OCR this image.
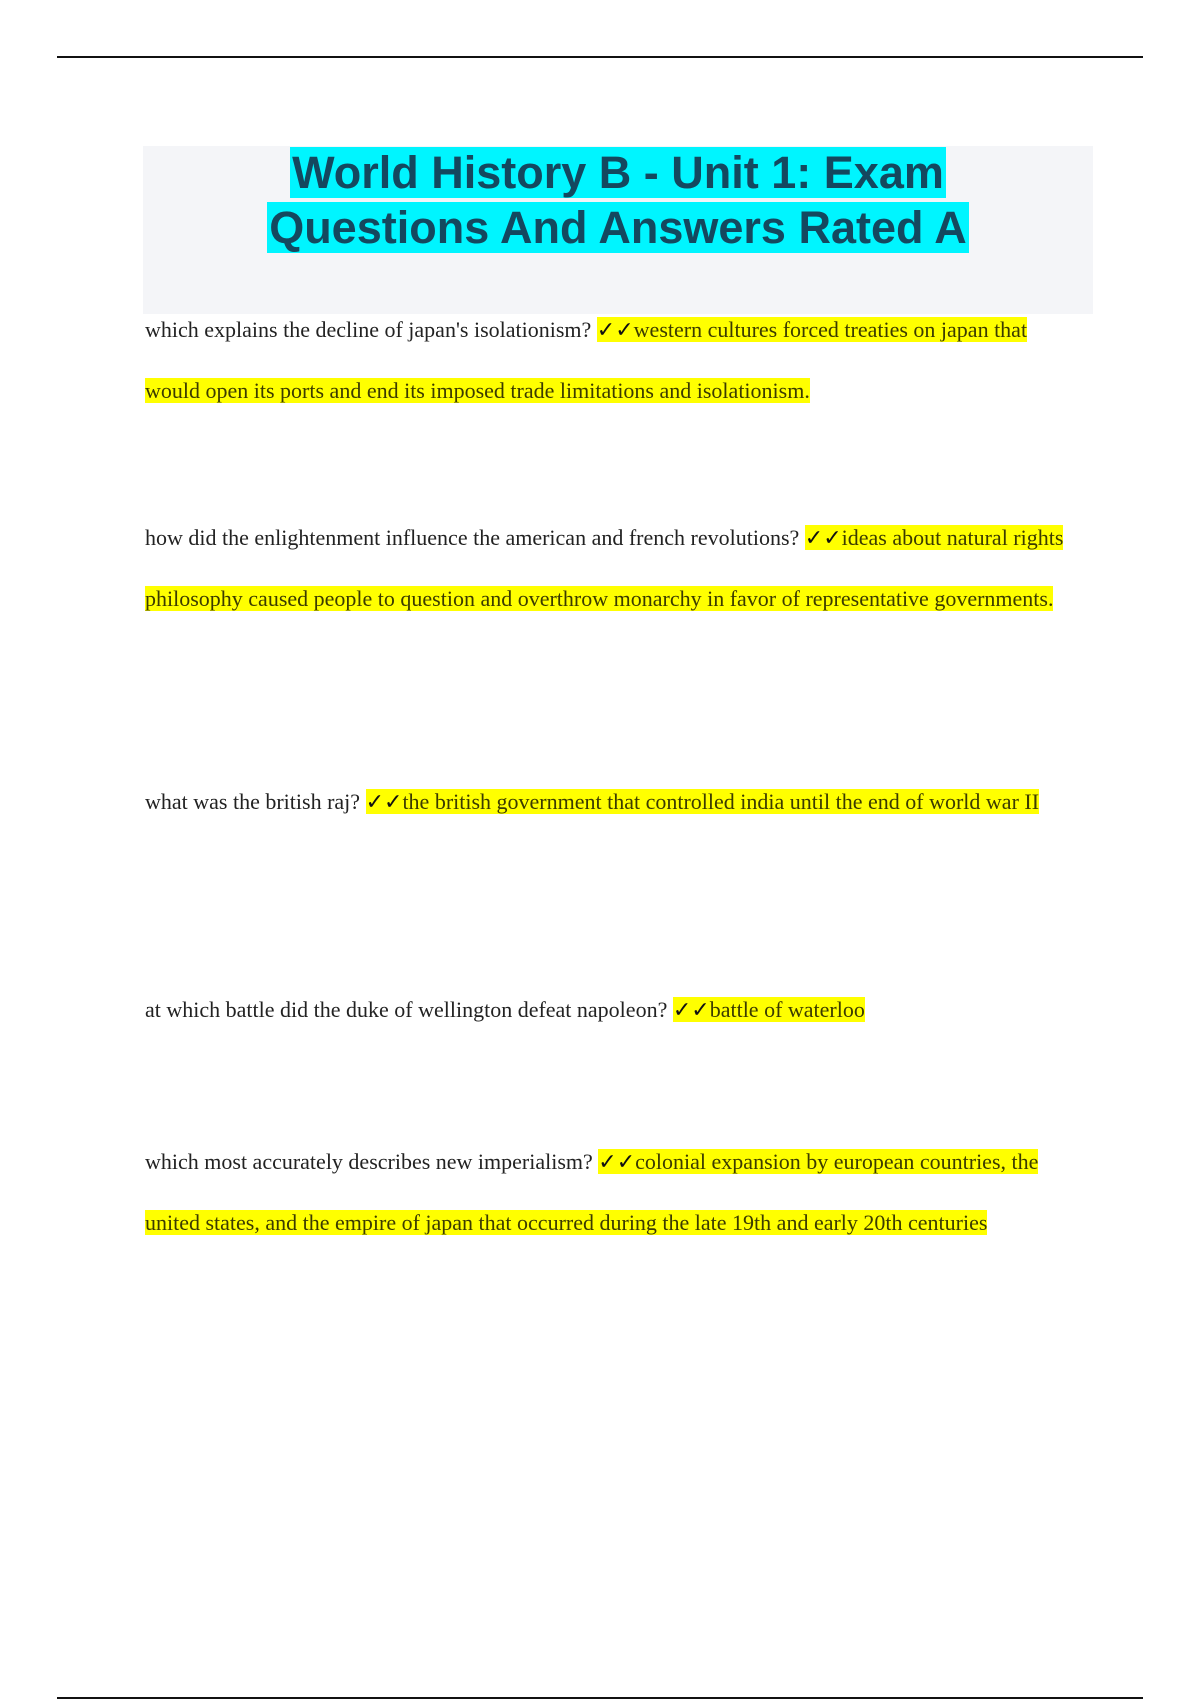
World History B - Unit 1: Exam
Questions And Answers Rated A

which explains the decline of japan's isolationism? ✓✓western cultures forced treaties on japan that would open its ports and end its imposed trade limitations and isolationism.

how did the enlightenment influence the american and french revolutions? ✓✓ideas about natural rights philosophy caused people to question and overthrow monarchy in favor of representative governments.

what was the british raj? ✓✓the british government that controlled india until the end of world war II

at which battle did the duke of wellington defeat napoleon? ✓✓battle of waterloo

which most accurately describes new imperialism? ✓✓colonial expansion by european countries, the united states, and the empire of japan that occurred during the late 19th and early 20th centuries
